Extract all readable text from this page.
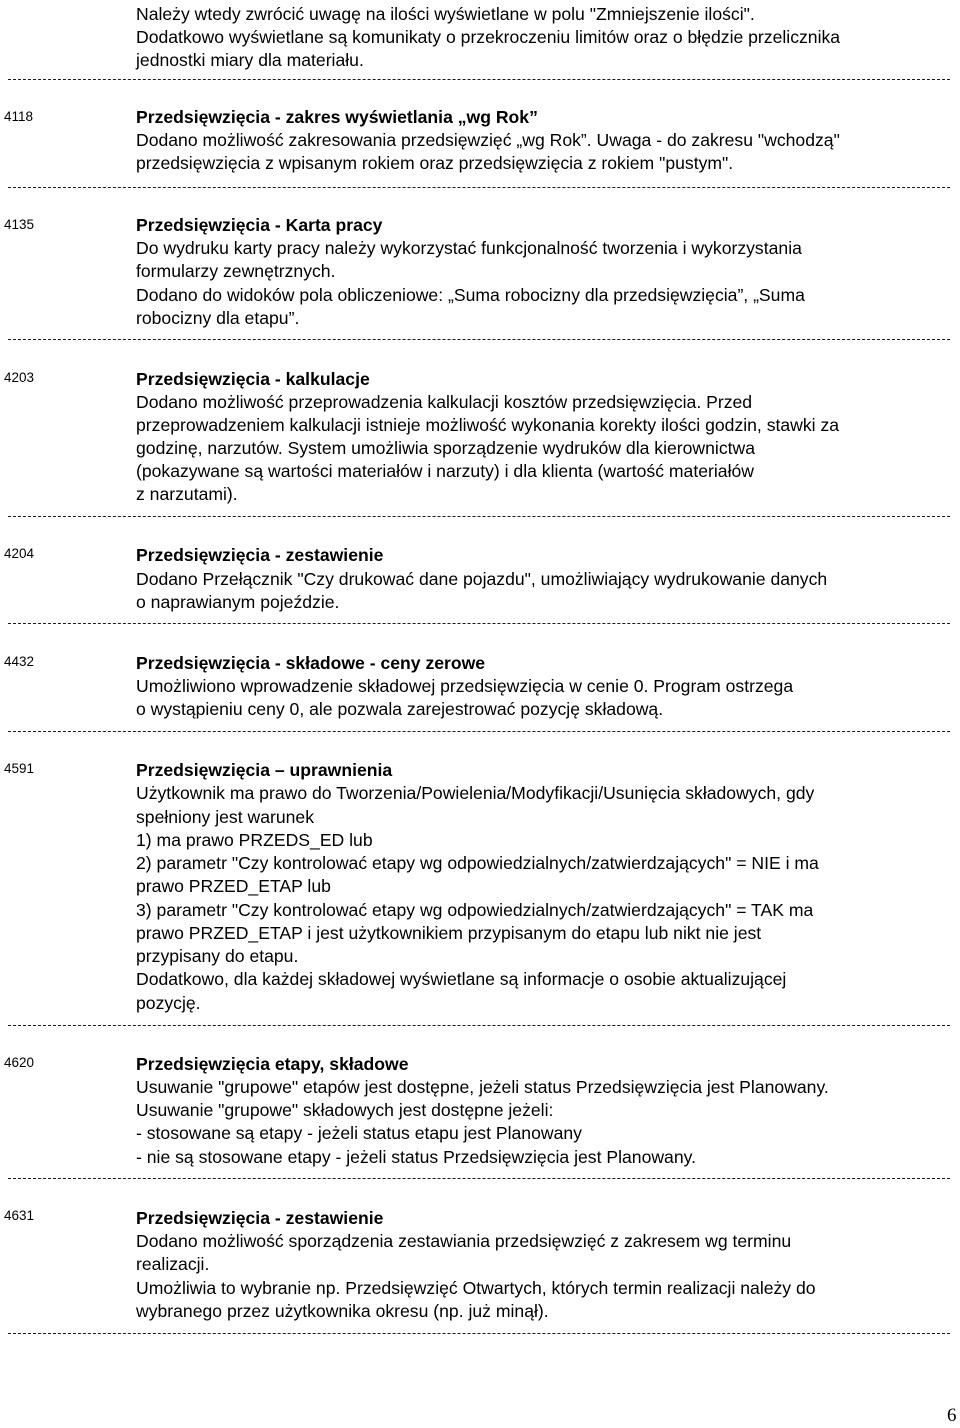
Należy wtedy zwrócić uwagę na ilości wyświetlane w polu "Zmniejszenie ilości".
Dodatkowo wyświetlane są komunikaty o przekroczeniu limitów oraz o błędzie przelicznika
jednostki miary dla materiału.
4118	Przedsięwzięcia - zakres wyświetlania „wg Rok”
Dodano możliwość zakresowania przedsięwzięć „wg Rok”. Uwaga - do zakresu "wchodzą"
przedsięwzięcia z wpisanym rokiem oraz przedsięwzięcia z rokiem "pustym".
4135	Przedsięwzięcia - Karta pracy
Do wydruku karty pracy należy wykorzystać funkcjonalność tworzenia i wykorzystania
formularzy zewnętrznych.
Dodano do widoków pola obliczeniowe: „Suma robocizny dla przedsięwzięcia”, „Suma
robocizny dla etapu”.
4203	Przedsięwzięcia - kalkulacje
Dodano możliwość przeprowadzenia kalkulacji kosztów przedsięwzięcia. Przed
przeprowadzeniem kalkulacji istnieje możliwość wykonania korekty ilości godzin, stawki za
godzinę, narzutów. System umożliwia sporządzenie wydruków dla kierownictwa
(pokazywane są wartości materiałów i narzuty) i dla klienta (wartość materiałów
z narzutami).
4204	Przedsięwzięcia - zestawienie
Dodano Przełącznik "Czy drukować dane pojazdu", umożliwiający wydrukowanie danych
o naprawianym pojeździe.
4432	Przedsięwzięcia - składowe - ceny zerowe
Umożliwiono wprowadzenie składowej przedsięwzięcia w cenie 0. Program ostrzega
o wystąpieniu ceny 0, ale pozwala zarejestrować pozycję składową.
4591	Przedsięwzięcia – uprawnienia
Użytkownik ma prawo do Tworzenia/Powielenia/Modyfikacji/Usunięcia składowych, gdy
spełniony jest warunek
1) ma prawo PRZEDS_ED lub
2) parametr "Czy kontrolować etapy wg odpowiedzialnych/zatwierdzających" = NIE i ma
prawo PRZED_ETAP lub
3) parametr "Czy kontrolować etapy wg odpowiedzialnych/zatwierdzających" = TAK ma
prawo PRZED_ETAP i jest użytkownikiem przypisanym do etapu lub nikt nie jest
przypisany do etapu.
Dodatkowo, dla każdej składowej wyświetlane są informacje o osobie aktualizującej
pozycję.
4620	Przedsięwzięcia etapy, składowe
Usuwanie "grupowe" etapów jest dostępne, jeżeli status Przedsięwzięcia jest Planowany.
Usuwanie "grupowe" składowych jest dostępne jeżeli:
- stosowane są etapy - jeżeli status etapu jest Planowany
- nie są stosowane etapy - jeżeli status Przedsięwzięcia jest Planowany.
4631	Przedsięwzięcia - zestawienie
Dodano możliwość sporządzenia zestawiania przedsięwzięć z zakresem wg terminu
realizacji.
Umożliwia to wybranie np. Przedsięwzięć Otwartych, których termin realizacji należy do
wybranego przez użytkownika okresu (np. już minął).
6
